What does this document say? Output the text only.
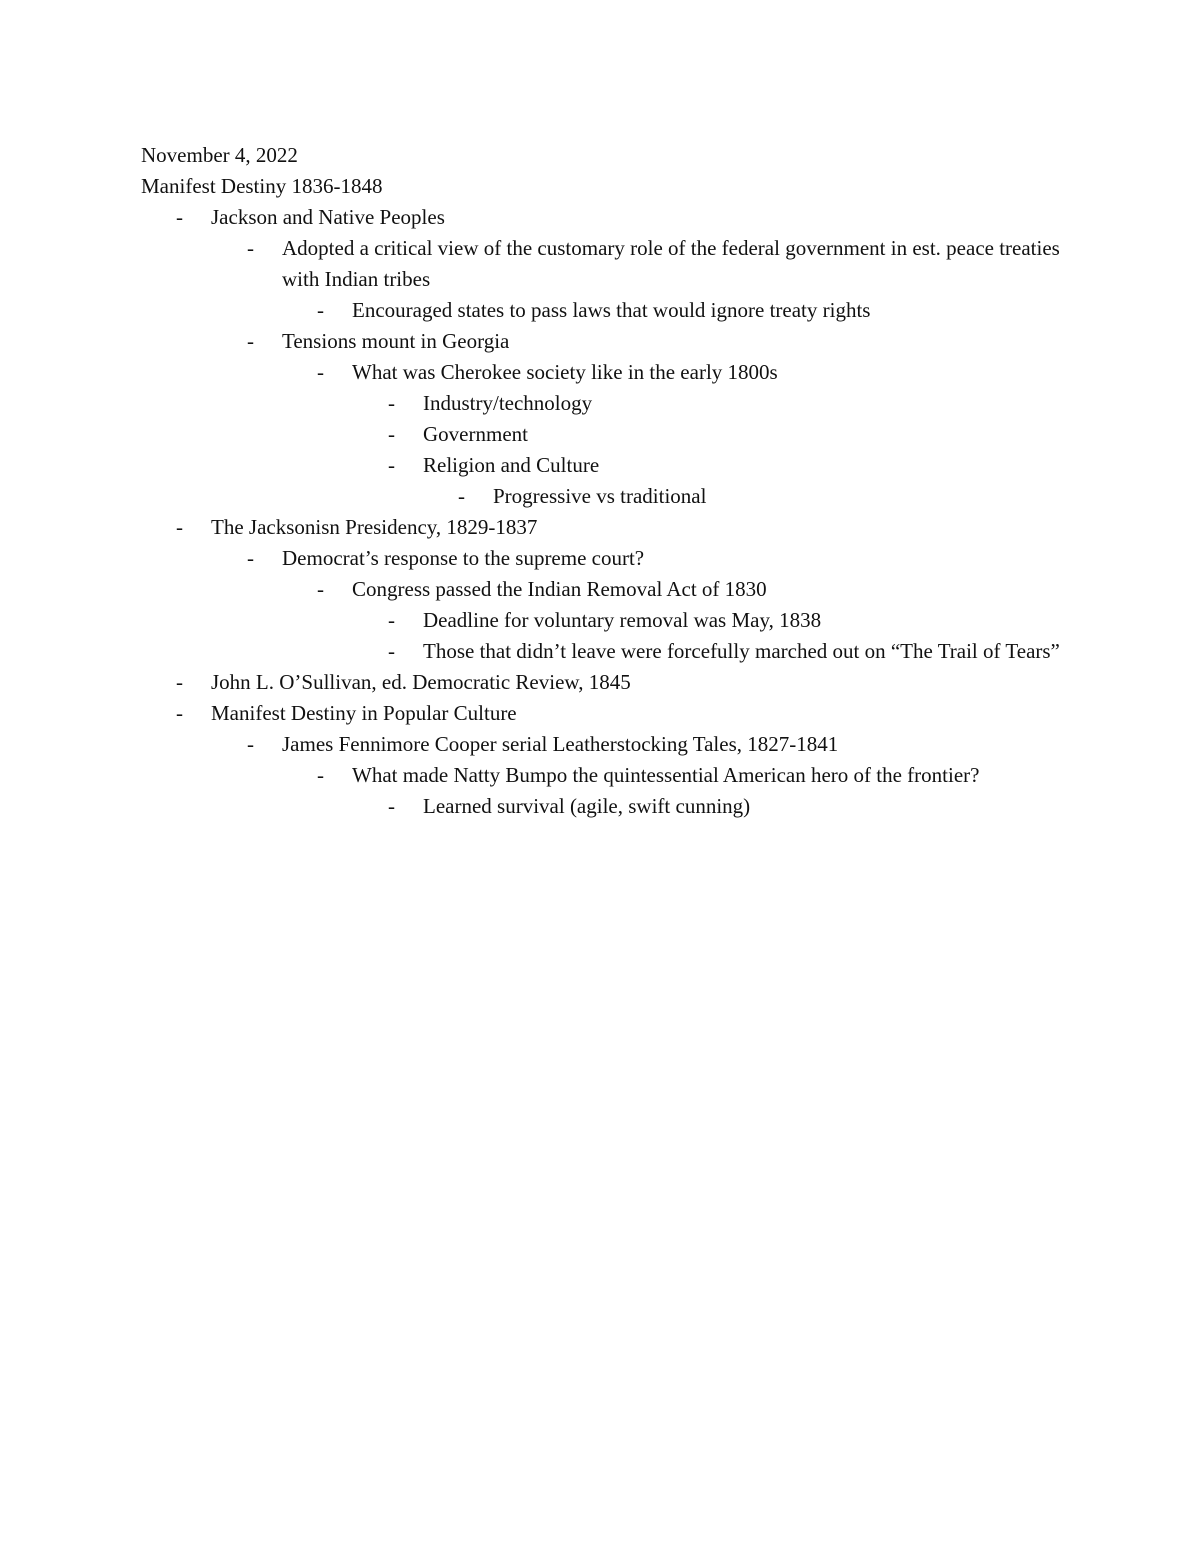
November 4, 2022

Manifest Destiny 1836-1848

-	Jackson and Native Peoples
-	Adopted a critical view of the customary role of the federal government in est. peace treaties with Indian tribes
-	Encouraged states to pass laws that would ignore treaty rights
-	Tensions mount in Georgia
-	What was Cherokee society like in the early 1800s
-	Industry/technology
-	Government
-	Religion and Culture
-	Progressive vs traditional
-	The Jacksonisn Presidency, 1829-1837
-	Democrat’s response to the supreme court?
-	Congress passed the Indian Removal Act of 1830
-	Deadline for voluntary removal was May, 1838
-	Those that didn’t leave were forcefully marched out on “The Trail of Tears”
-	John L. O’Sullivan, ed. Democratic Review, 1845
-	Manifest Destiny in Popular Culture
-	James Fennimore Cooper serial Leatherstocking Tales, 1827-1841
-	What made Natty Bumpo the quintessential American hero of the frontier?
-	Learned survival (agile, swift cunning)
